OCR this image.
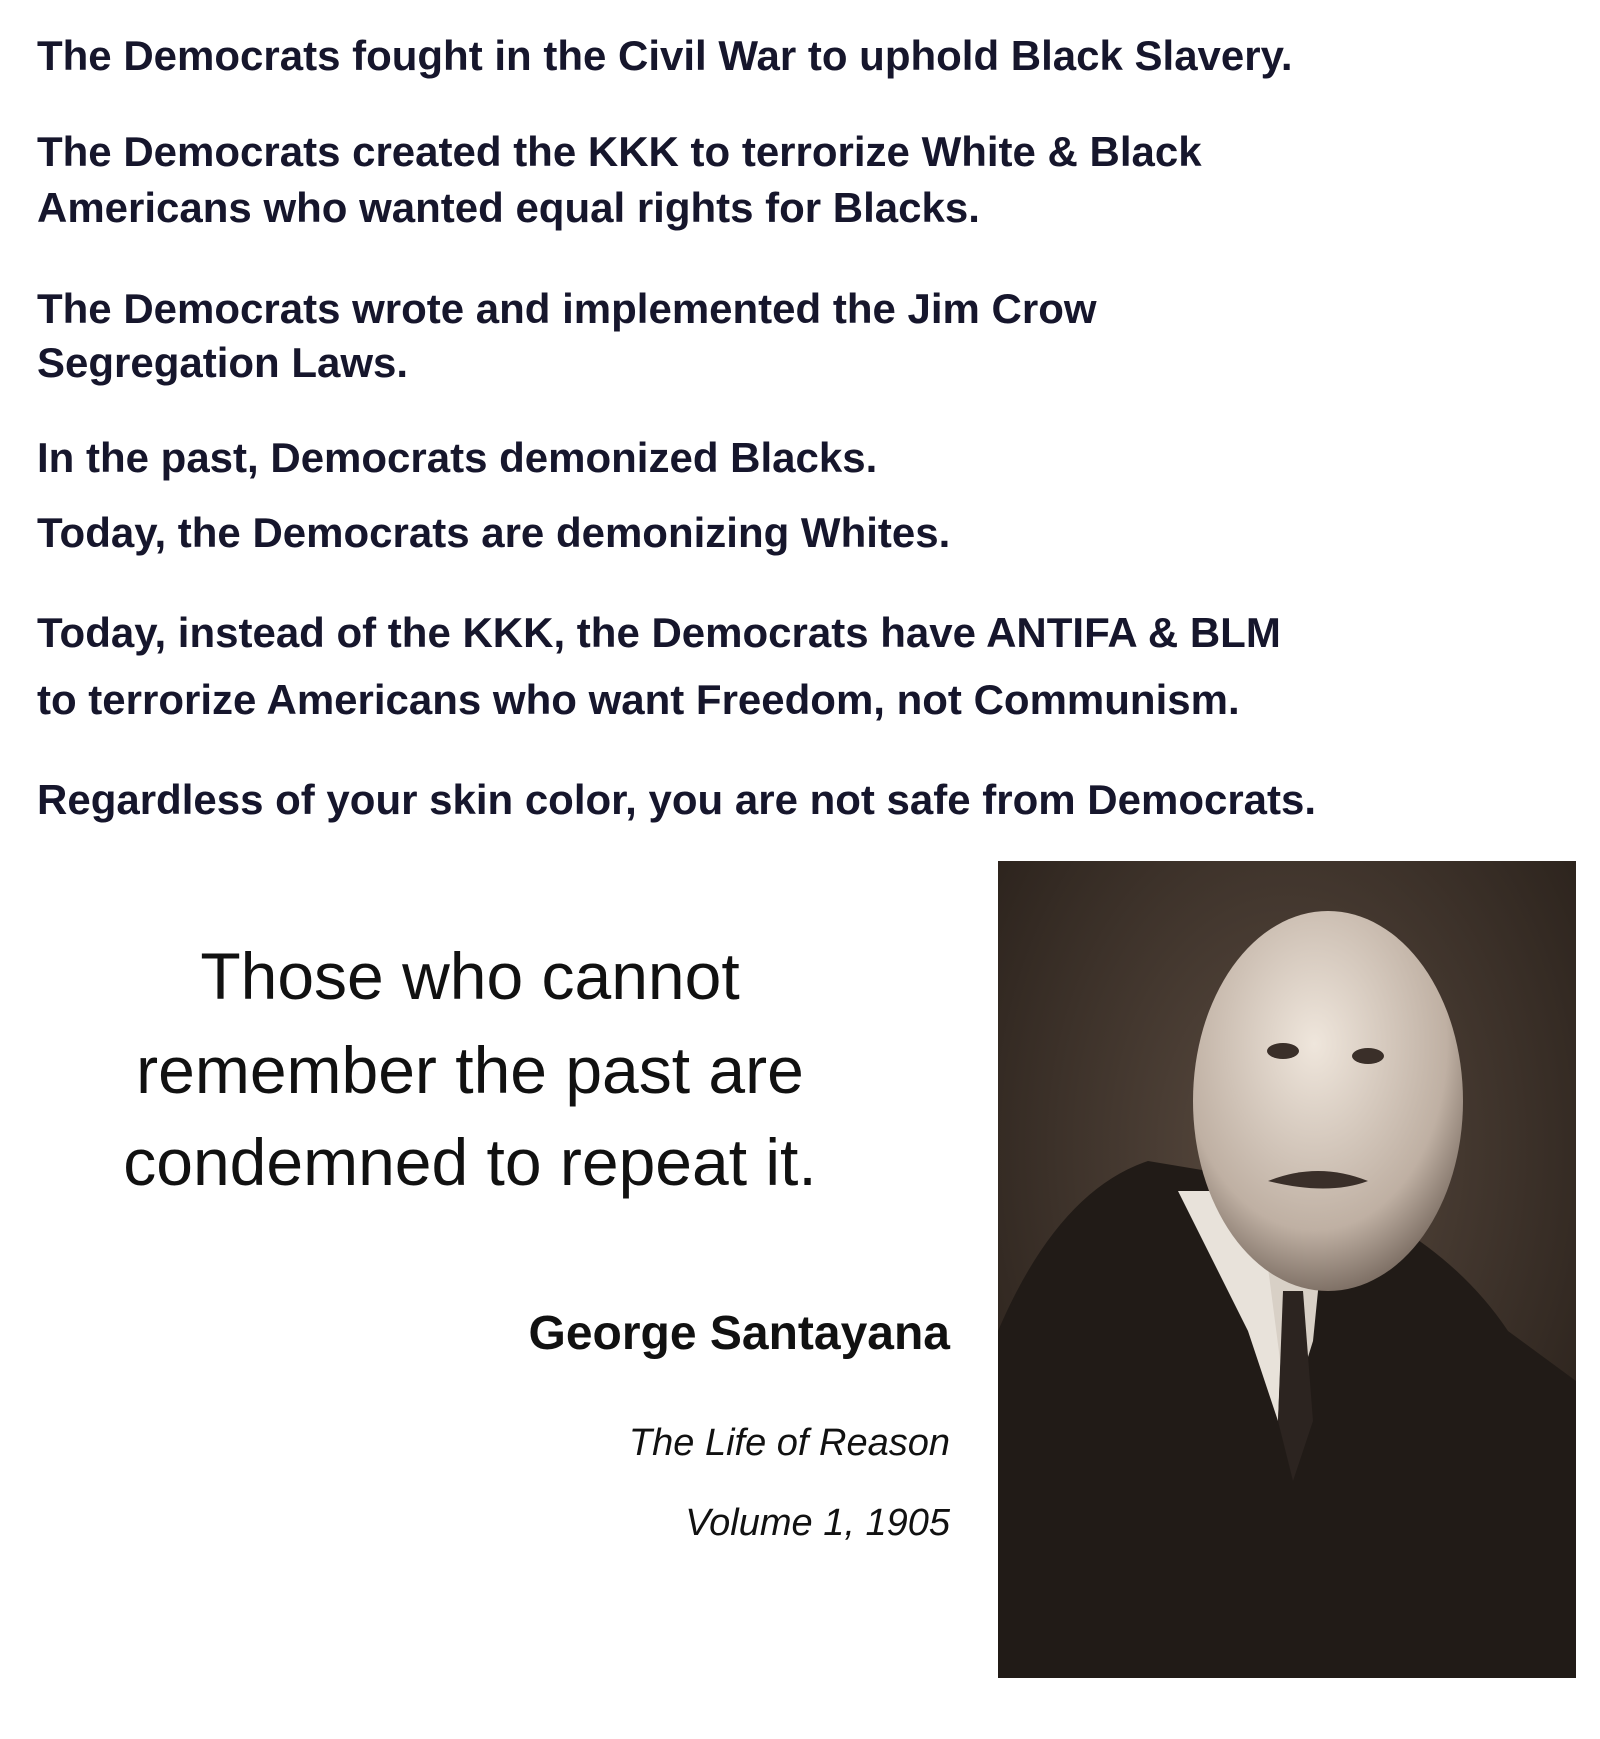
The Democrats fought in the Civil War to uphold Black Slavery.
The Democrats created the KKK to terrorize White & Black
Americans who wanted equal rights for Blacks.
The Democrats wrote and implemented the Jim Crow
Segregation Laws.
In the past, Democrats demonized Blacks.
Today, the Democrats are demonizing Whites.
Today, instead of the KKK, the Democrats have ANTIFA & BLM
to terrorize Americans who want Freedom, not Communism.
Regardless of your skin color, you are not safe from Democrats.
Those who cannot
remember the past are
condemned to repeat it.
George Santayana
The Life of Reason
Volume 1, 1905
